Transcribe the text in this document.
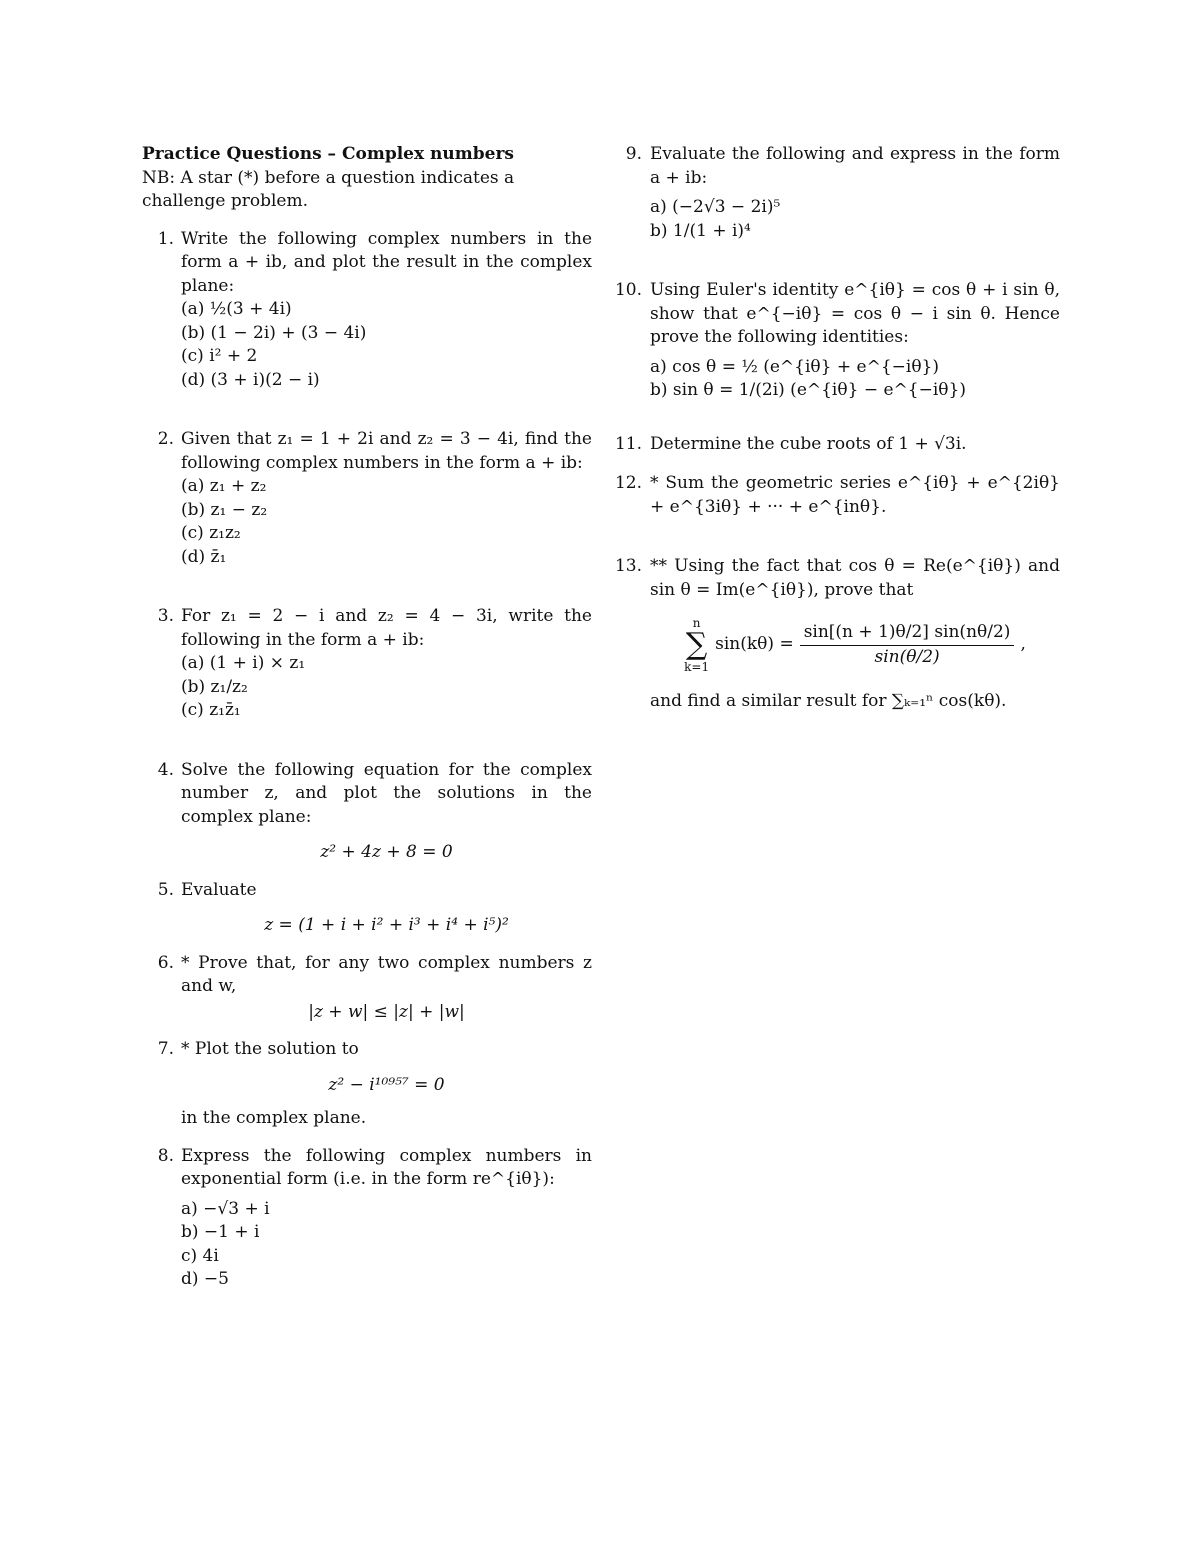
Practice Questions – Complex numbers
NB: A star (*) before a question indicates a challenge problem.
1. Write the following complex numbers in the form a + ib, and plot the result in the complex plane:
(a) ½(3 + 4i)
(b) (1 − 2i) + (3 − 4i)
(c) i² + 2
(d) (3 + i)(2 − i)
2. Given that z₁ = 1 + 2i and z₂ = 3 − 4i, find the following complex numbers in the form a + ib:
(a) z₁ + z₂
(b) z₁ − z₂
(c) z₁z₂
(d) z̄₁
3. For z₁ = 2 − i and z₂ = 4 − 3i, write the following in the form a + ib:
(a) (1 + i) × z₁
(b) z₁/z₂
(c) z₁z̄₁
4. Solve the following equation for the complex number z, and plot the solutions in the complex plane:
z² + 4z + 8 = 0
5. Evaluate
z = (1 + i + i² + i³ + i⁴ + i⁵)²
6. * Prove that, for any two complex numbers z and w,
|z + w| ≤ |z| + |w|
7. * Plot the solution to
z² − i¹⁰⁹⁵⁷ = 0
in the complex plane.
8. Express the following complex numbers in exponential form (i.e. in the form re^{iθ}):
a) −√3 + i
b) −1 + i
c) 4i
d) −5
9. Evaluate the following and express in the form a + ib:
a) (−2√3 − 2i)⁵
b) 1/(1 + i)⁴
10. Using Euler's identity e^{iθ} = cos θ + i sin θ, show that e^{−iθ} = cos θ − i sin θ. Hence prove the following identities:
a) cos θ = ½ (e^{iθ} + e^{−iθ})
b) sin θ = 1/(2i) (e^{iθ} − e^{−iθ})
11. Determine the cube roots of 1 + √3i.
12. * Sum the geometric series e^{iθ} + e^{2iθ} + e^{3iθ} + ··· + e^{inθ}.
13. ** Using the fact that cos θ = Re(e^{iθ}) and sin θ = Im(e^{iθ}), prove that
n
∑
k=1
$\sin(k\theta) = \frac{\sin[(n + 1)\theta/2] \sin(n\theta/2)}{\sin(\theta/2)}$ ,
and find a similar result for ∑ₖ₌₁ⁿ cos(kθ).
